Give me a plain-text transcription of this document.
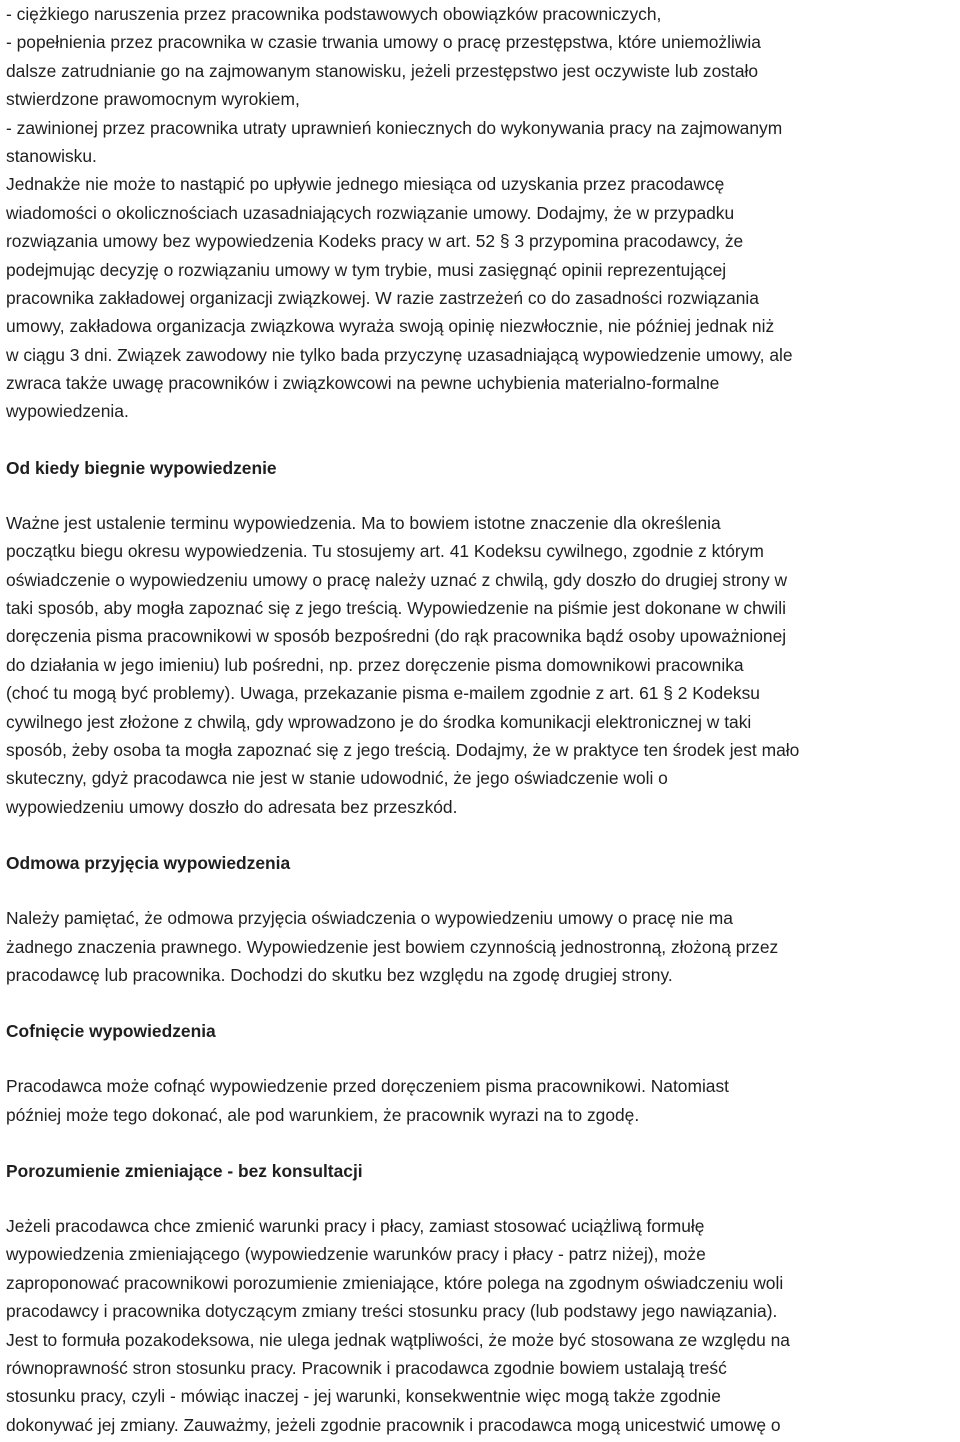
- ciężkiego naruszenia przez pracownika podstawowych obowiązków pracowniczych,
- popełnienia przez pracownika w czasie trwania umowy o pracę przestępstwa, które uniemożliwia
dalsze zatrudnianie go na zajmowanym stanowisku, jeżeli przestępstwo jest oczywiste lub zostało
stwierdzone prawomocnym wyrokiem,
- zawinionej przez pracownika utraty uprawnień koniecznych do wykonywania pracy na zajmowanym
stanowisku.
Jednakże nie może to nastąpić po upływie jednego miesiąca od uzyskania przez pracodawcę
wiadomości o okolicznościach uzasadniających rozwiązanie umowy. Dodajmy, że w przypadku
rozwiązania umowy bez wypowiedzenia Kodeks pracy w art. 52 § 3 przypomina pracodawcy, że
podejmując decyzję o rozwiązaniu umowy w tym trybie, musi zasięgnąć opinii reprezentującej
pracownika zakładowej organizacji związkowej. W razie zastrzeżeń co do zasadności rozwiązania
umowy, zakładowa organizacja związkowa wyraża swoją opinię niezwłocznie, nie później jednak niż
w ciągu 3 dni. Związek zawodowy nie tylko bada przyczynę uzasadniającą wypowiedzenie umowy, ale
zwraca także uwagę pracowników i związkowcowi na pewne uchybienia materialno-formalne
wypowiedzenia.
Od kiedy biegnie wypowiedzenie
Ważne jest ustalenie terminu wypowiedzenia. Ma to bowiem istotne znaczenie dla określenia
początku biegu okresu wypowiedzenia. Tu stosujemy art. 41 Kodeksu cywilnego, zgodnie z którym
oświadczenie o wypowiedzeniu umowy o pracę należy uznać z chwilą, gdy doszło do drugiej strony w
taki sposób, aby mogła zapoznać się z jego treścią. Wypowiedzenie na piśmie jest dokonane w chwili
doręczenia pisma pracownikowi w sposób bezpośredni (do rąk pracownika bądź osoby upoważnionej
do działania w jego imieniu) lub pośredni, np. przez doręczenie pisma domownikowi pracownika
(choć tu mogą być problemy). Uwaga, przekazanie pisma e-mailem zgodnie z art. 61 § 2 Kodeksu
cywilnego jest złożone z chwilą, gdy wprowadzono je do środka komunikacji elektronicznej w taki
sposób, żeby osoba ta mogła zapoznać się z jego treścią. Dodajmy, że w praktyce ten środek jest mało
skuteczny, gdyż pracodawca nie jest w stanie udowodnić, że jego oświadczenie woli o
wypowiedzeniu umowy doszło do adresata bez przeszkód.
Odmowa przyjęcia wypowiedzenia
Należy pamiętać, że odmowa przyjęcia oświadczenia o wypowiedzeniu umowy o pracę nie ma
żadnego znaczenia prawnego. Wypowiedzenie jest bowiem czynnością jednostronną, złożoną przez
pracodawcę lub pracownika. Dochodzi do skutku bez względu na zgodę drugiej strony.
Cofnięcie wypowiedzenia
Pracodawca może cofnąć wypowiedzenie przed doręczeniem pisma pracownikowi. Natomiast
później może tego dokonać, ale pod warunkiem, że pracownik wyrazi na to zgodę.
Porozumienie zmieniające - bez konsultacji
Jeżeli pracodawca chce zmienić warunki pracy i płacy, zamiast stosować uciążliwą formułę
wypowiedzenia zmieniającego (wypowiedzenie warunków pracy i płacy - patrz niżej), może
zaproponować pracownikowi porozumienie zmieniające, które polega na zgodnym oświadczeniu woli
pracodawcy i pracownika dotyczącym zmiany treści stosunku pracy (lub podstawy jego nawiązania).
Jest to formuła pozakodeksowa, nie ulega jednak wątpliwości, że może być stosowana ze względu na
równoprawność stron stosunku pracy. Pracownik i pracodawca zgodnie bowiem ustalają treść
stosunku pracy, czyli - mówiąc inaczej - jej warunki, konsekwentnie więc mogą także zgodnie
dokonywać jej zmiany. Zauważmy, jeżeli zgodnie pracownik i pracodawca mogą unicestwić umowę o
